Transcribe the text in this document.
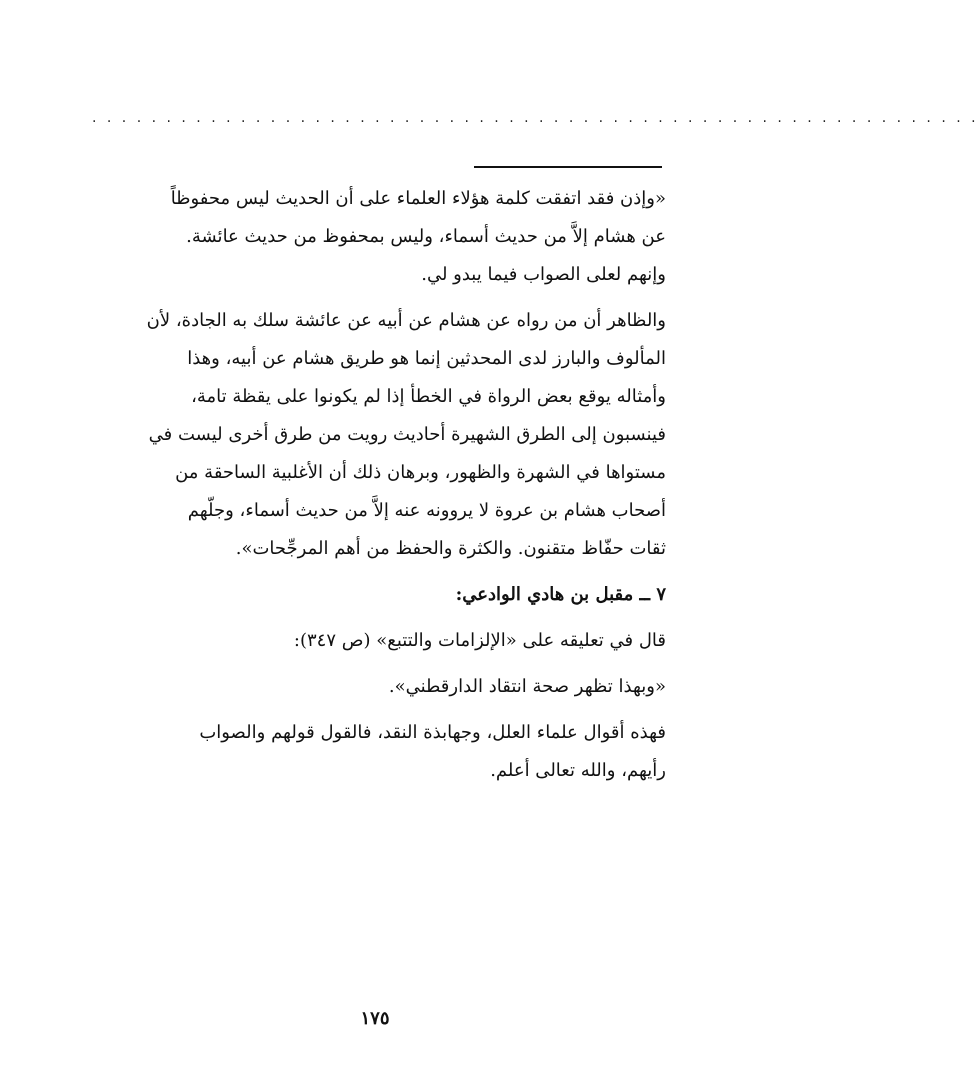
. . . . . . . . . . . . . . . . . . . . . . . . . . . . . . . . . . . . . . . . . . . . . . . . . . . . . . . . . . . .

«وإذن فقد اتفقت كلمة هؤلاء العلماء على أن الحديث ليس محفوظاً

عن هشام إلاَّ من حديث أسماء، وليس بمحفوظ من حديث عائشة.

وإنهم لعلى الصواب فيما يبدو لي.

والظاهر أن من رواه عن هشام عن أبيه عن عائشة سلك به الجادة، لأن

المألوف والبارز لدى المحدثين إنما هو طريق هشام عن أبيه، وهذا

وأمثاله يوقع بعض الرواة في الخطأ إذا لم يكونوا على يقظة تامة،

فينسبون إلى الطرق الشهيرة أحاديث رويت من طرق أخرى ليست في

مستواها في الشهرة والظهور، وبرهان ذلك أن الأغلبية الساحقة من

أصحاب هشام بن عروة لا يروونه عنه إلاَّ من حديث أسماء، وجلّهم

ثقات حفّاظ متقنون. والكثرة والحفظ من أهم المرجِّحات».

٧ ــ مقبل بن هادي الوادعي:

قال في تعليقه على «الإلزامات والتتبع» (ص ٣٤٧):

«وبهذا تظهر صحة انتقاد الدارقطني».

فهذه أقوال علماء العلل، وجهابذة النقد، فالقول قولهم والصواب

رأيهم، والله تعالى أعلم.

١٧٥
